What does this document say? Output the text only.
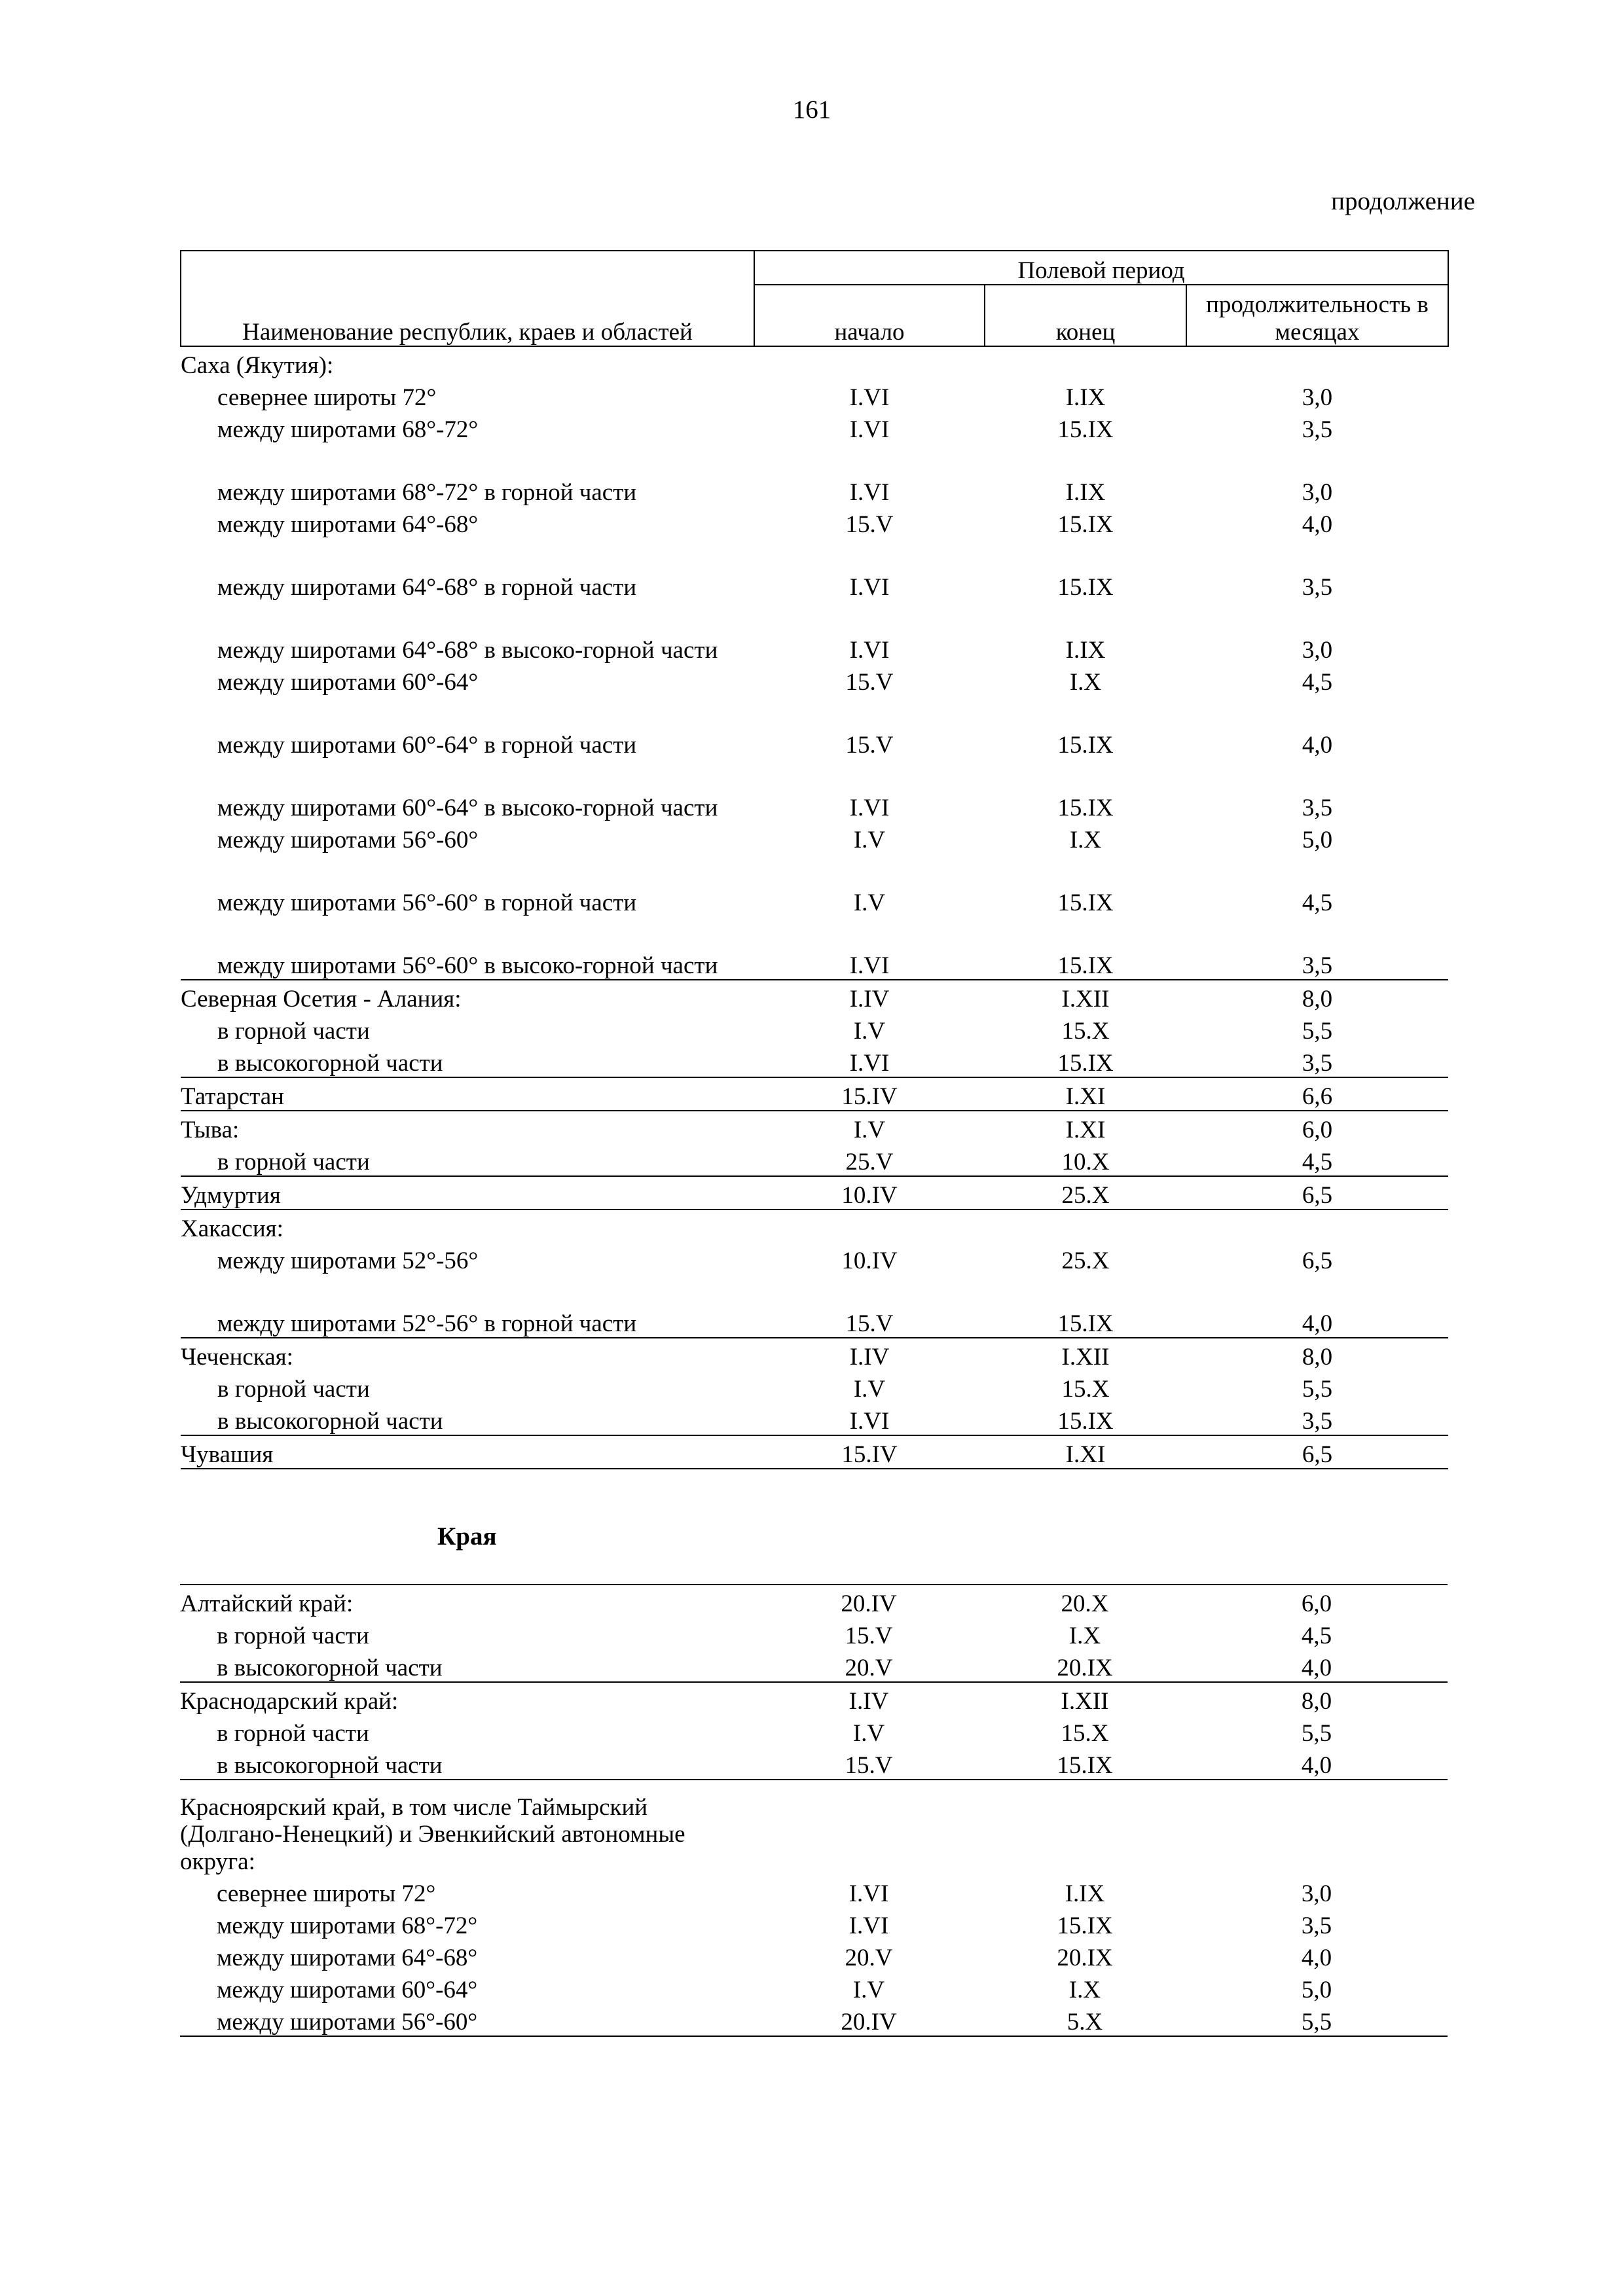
161
продолжение
Наименование республик, краев и областей	Полевой период		
	начало	конец	продолжительность в месяцах
Саха (Якутия):			
севернее широты 72°	I.VI	I.IX	3,0
между широтами 68°-72°	I.VI	15.IX	3,5
между широтами 68°-72° в горной части	I.VI	I.IX	3,0
между широтами 64°-68°	15.V	15.IX	4,0
между широтами 64°-68° в горной части	I.VI	15.IX	3,5
между широтами 64°-68° в высоко-горной части	I.VI	I.IX	3,0
между широтами 60°-64°	15.V	I.X	4,5
между широтами 60°-64° в горной части	15.V	15.IX	4,0
между широтами 60°-64° в высоко-горной части	I.VI	15.IX	3,5
между широтами 56°-60°	I.V	I.X	5,0
между широтами 56°-60° в горной части	I.V	15.IX	4,5
между широтами 56°-60° в высоко-горной части	I.VI	15.IX	3,5
Северная Осетия - Алания:	I.IV	I.XII	8,0
в горной части	I.V	15.X	5,5
в высокогорной части	I.VI	15.IX	3,5
Татарстан	15.IV	I.XI	6,6
Тыва:	I.V	I.XI	6,0
в горной части	25.V	10.X	4,5
Удмуртия	10.IV	25.X	6,5
Хакассия:			
между широтами 52°-56°	10.IV	25.X	6,5
между широтами 52°-56° в горной части	15.V	15.IX	4,0
Чеченская:	I.IV	I.XII	8,0
в горной части	I.V	15.X	5,5
в высокогорной части	I.VI	15.IX	3,5
Чувашия	15.IV	I.XI	6,5
Края
Алтайский край:	20.IV	20.X	6,0
в горной части	15.V	I.X	4,5
в высокогорной части	20.V	20.IX	4,0
Краснодарский край:	I.IV	I.XII	8,0
в горной части	I.V	15.X	5,5
в высокогорной части	15.V	15.IX	4,0
Красноярский край, в том числе Таймырский (Долгано-Ненецкий) и Эвенкийский автономные округа:			
севернее широты 72°	I.VI	I.IX	3,0
между широтами 68°-72°	I.VI	15.IX	3,5
между широтами 64°-68°	20.V	20.IX	4,0
между широтами 60°-64°	I.V	I.X	5,0
между широтами 56°-60°	20.IV	5.X	5,5
